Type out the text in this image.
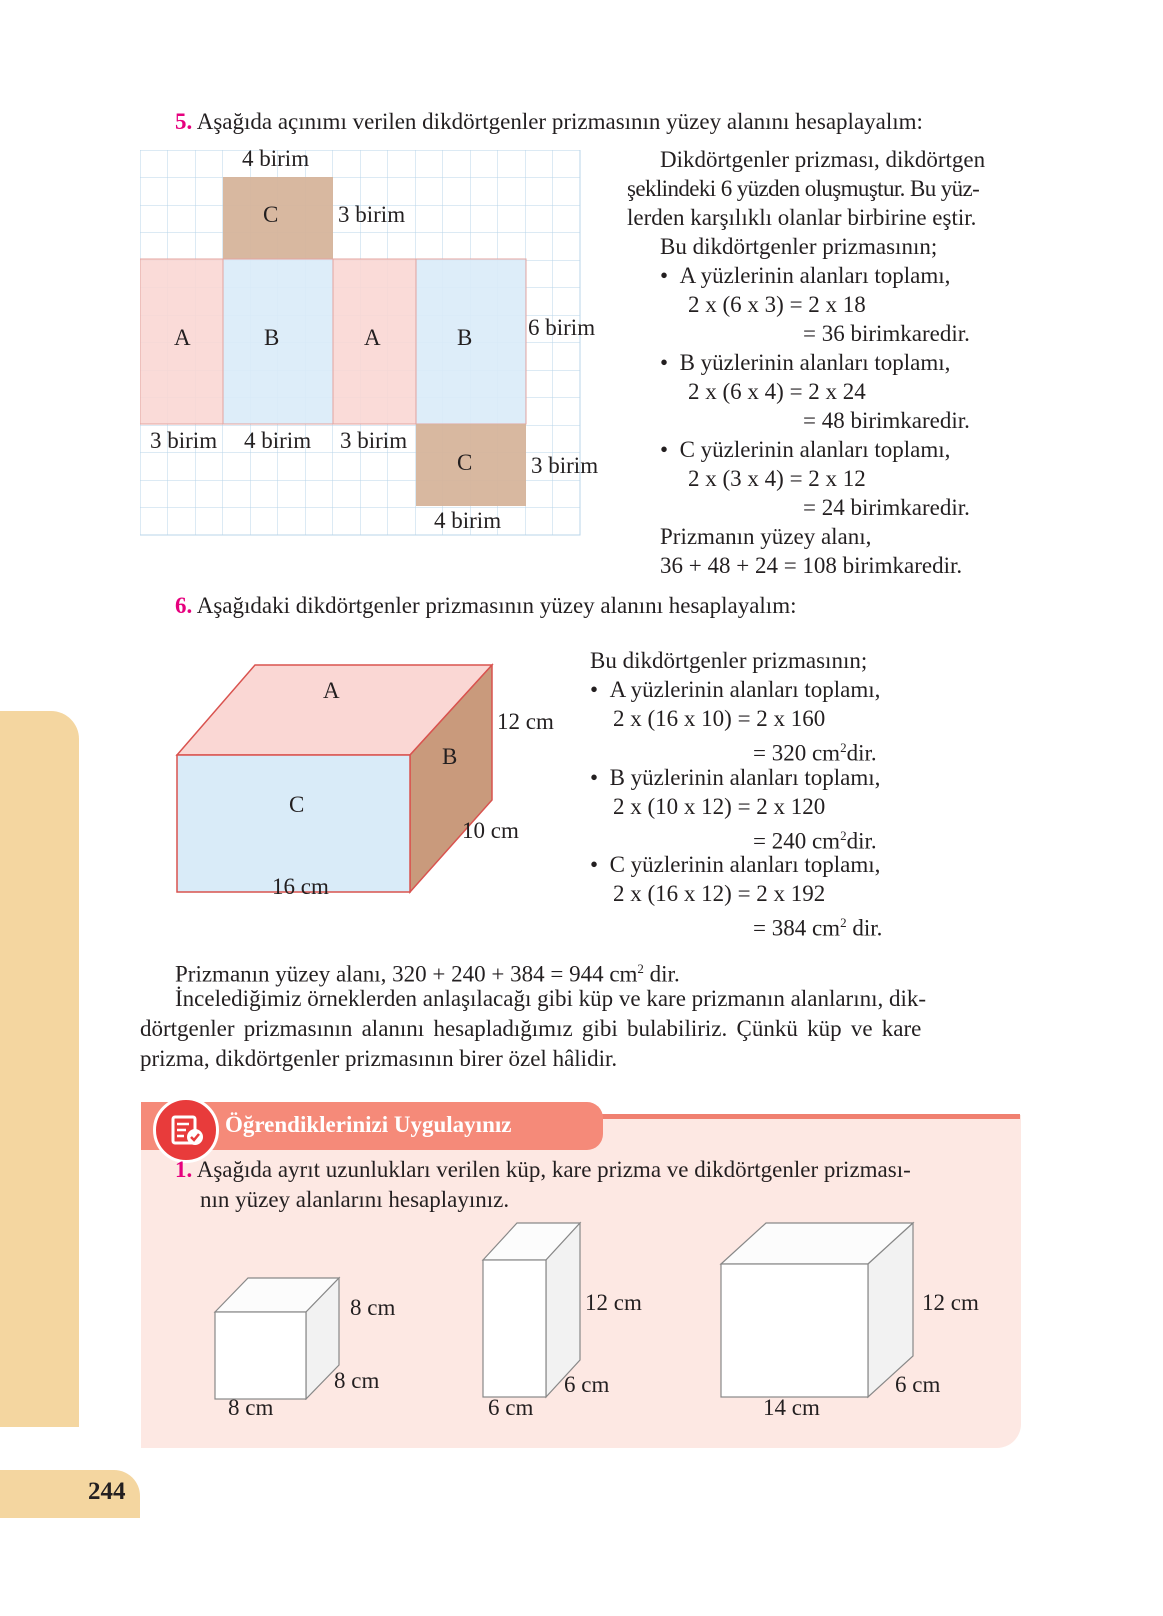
244
5. Aşağıda açınımı verilen dikdörtgenler prizmasının yüzey alanını hesaplayalım:
4 birim
C	3 birim
A	B	A	B 6 birim
3 birim 4 birim 3 birim
C	3 birim
4 birim
Dikdörtgenler prizması, dikdörtgen
şeklindeki 6 yüzden oluşmuştur. Bu yüz-
lerden karşılıklı olanlar birbirine eştir.
Bu dikdörtgenler prizmasının;
• A yüzlerinin alanları toplamı,
2 x (6 x 3) = 2 x 18
= 36 birimkaredir.
• B yüzlerinin alanları toplamı,
2 x (6 x 4) = 2 x 24
= 48 birimkaredir.
• C yüzlerinin alanları toplamı,
2 x (3 x 4) = 2 x 12
= 24 birimkaredir.
Prizmanın yüzey alanı,
36 + 48 + 24 = 108 birimkaredir.
6. Aşağıdaki dikdörtgenler prizmasının yüzey alanını hesaplayalım:
A
B
C
12 cm
10 cm
16 cm
Bu dikdörtgenler prizmasının;
• A yüzlerinin alanları toplamı,
2 x (16 x 10) = 2 x 160
= 320 $cm^2dir$.
• B yüzlerinin alanları toplamı,
2 x (10 x 12) = 2 x 120
= 240 $cm^2dir$.
• C yüzlerinin alanları toplamı,
2 x (16 x 12) = 2 x 192
= 384 $cm^2$ dir.
Prizmanın yüzey alanı, 320 + 240 + 384 = 944 $cm^2$ dir.
İncelediğimiz örneklerden anlaşılacağı gibi küp ve kare prizmanın alanlarını, dik-
dörtgenler prizmasının alanını hesapladığımız gibi bulabiliriz. Çünkü küp ve kare
prizma, dikdörtgenler prizmasının birer özel hâlidir.
Öğrendiklerinizi Uygulayınız
1. Aşağıda ayrıt uzunlukları verilen küp, kare prizma ve dikdörtgenler prizması-
nın yüzey alanlarını hesaplayınız.
8 cm
8 cm
8 cm
12 cm
6 cm
6 cm
12 cm
6 cm
14 cm
